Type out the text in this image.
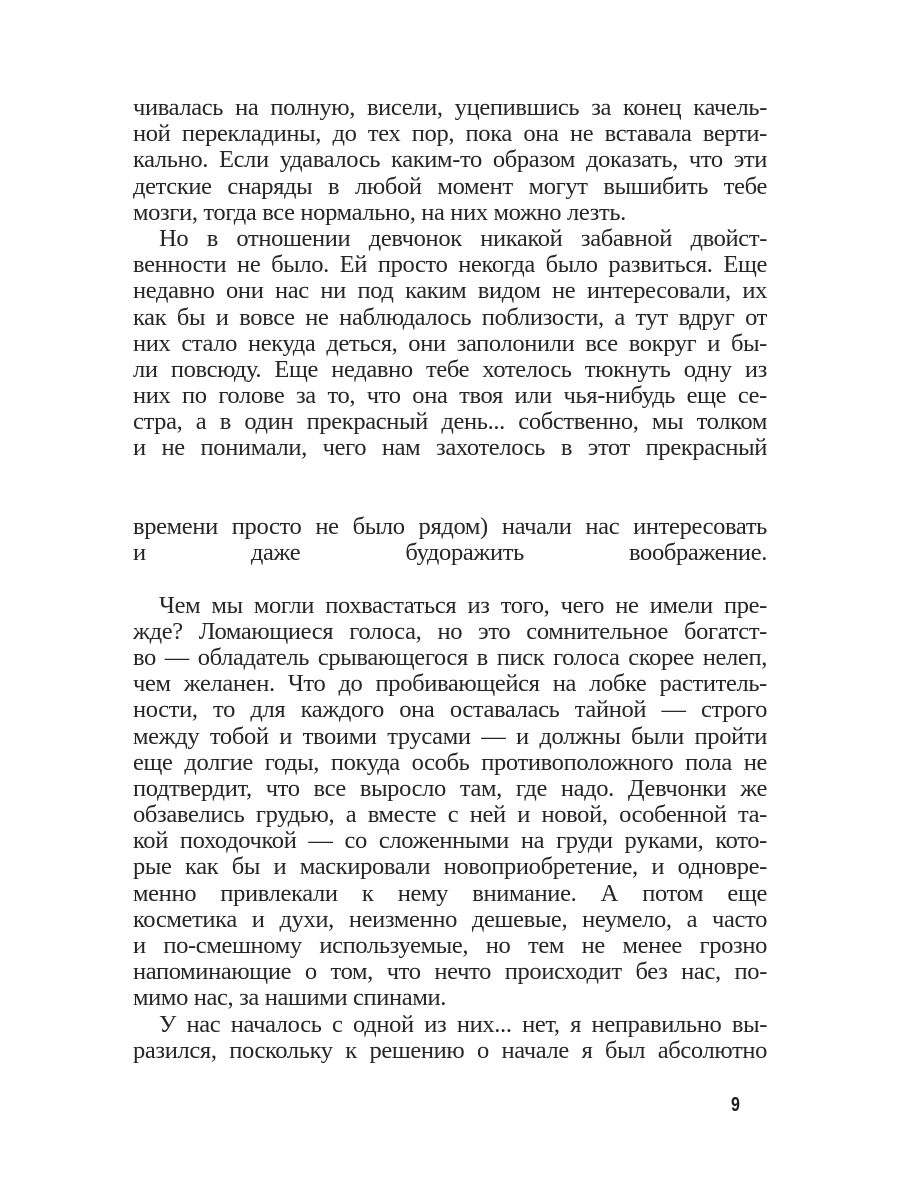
чивалась на полную, висели, уцепившись за конец качель-
ной перекладины, до тех пор, пока она не вставала верти-
кально. Если удавалось каким-то образом доказать, что эти
детские снаряды в любой момент могут вышибить тебе
мозги, тогда все нормально, на них можно лезть.
Но в отношении девчонок никакой забавной двойст-
венности не было. Ей просто некогда было развиться. Еще
недавно они нас ни под каким видом не интересовали, их
как бы и вовсе не наблюдалось поблизости, а тут вдруг от
них стало некуда деться, они заполонили все вокруг и бы-
ли повсюду. Еще недавно тебе хотелось тюкнуть одну из
них по голове за то, что она твоя или чья-нибудь еще се-
стра, а в один прекрасный день... собственно, мы толком
и не понимали, чего нам захотелось в этот прекрасный
времени просто не было рядом) начали нас интересовать
и даже будоражить воображение.
Чем мы могли похвастаться из того, чего не имели пре-
жде? Ломающиеся голоса, но это сомнительное богатст-
во — обладатель срывающегося в писк голоса скорее нелеп,
чем желанен. Что до пробивающейся на лобке раститель-
ности, то для каждого она оставалась тайной — строго
между тобой и твоими трусами — и должны были пройти
еще долгие годы, покуда особь противоположного пола не
подтвердит, что все выросло там, где надо. Девчонки же
обзавелись грудью, а вместе с ней и новой, особенной та-
кой походочкой — со сложенными на груди руками, кото-
рые как бы и маскировали новоприобретение, и одновре-
менно привлекали к нему внимание. А потом еще
косметика и духи, неизменно дешевые, неумело, а часто
и по-смешному используемые, но тем не менее грозно
напоминающие о том, что нечто происходит без нас, по-
мимо нас, за нашими спинами.
У нас началось с одной из них... нет, я неправильно вы-
разился, поскольку к решению о начале я был абсолютно
9
